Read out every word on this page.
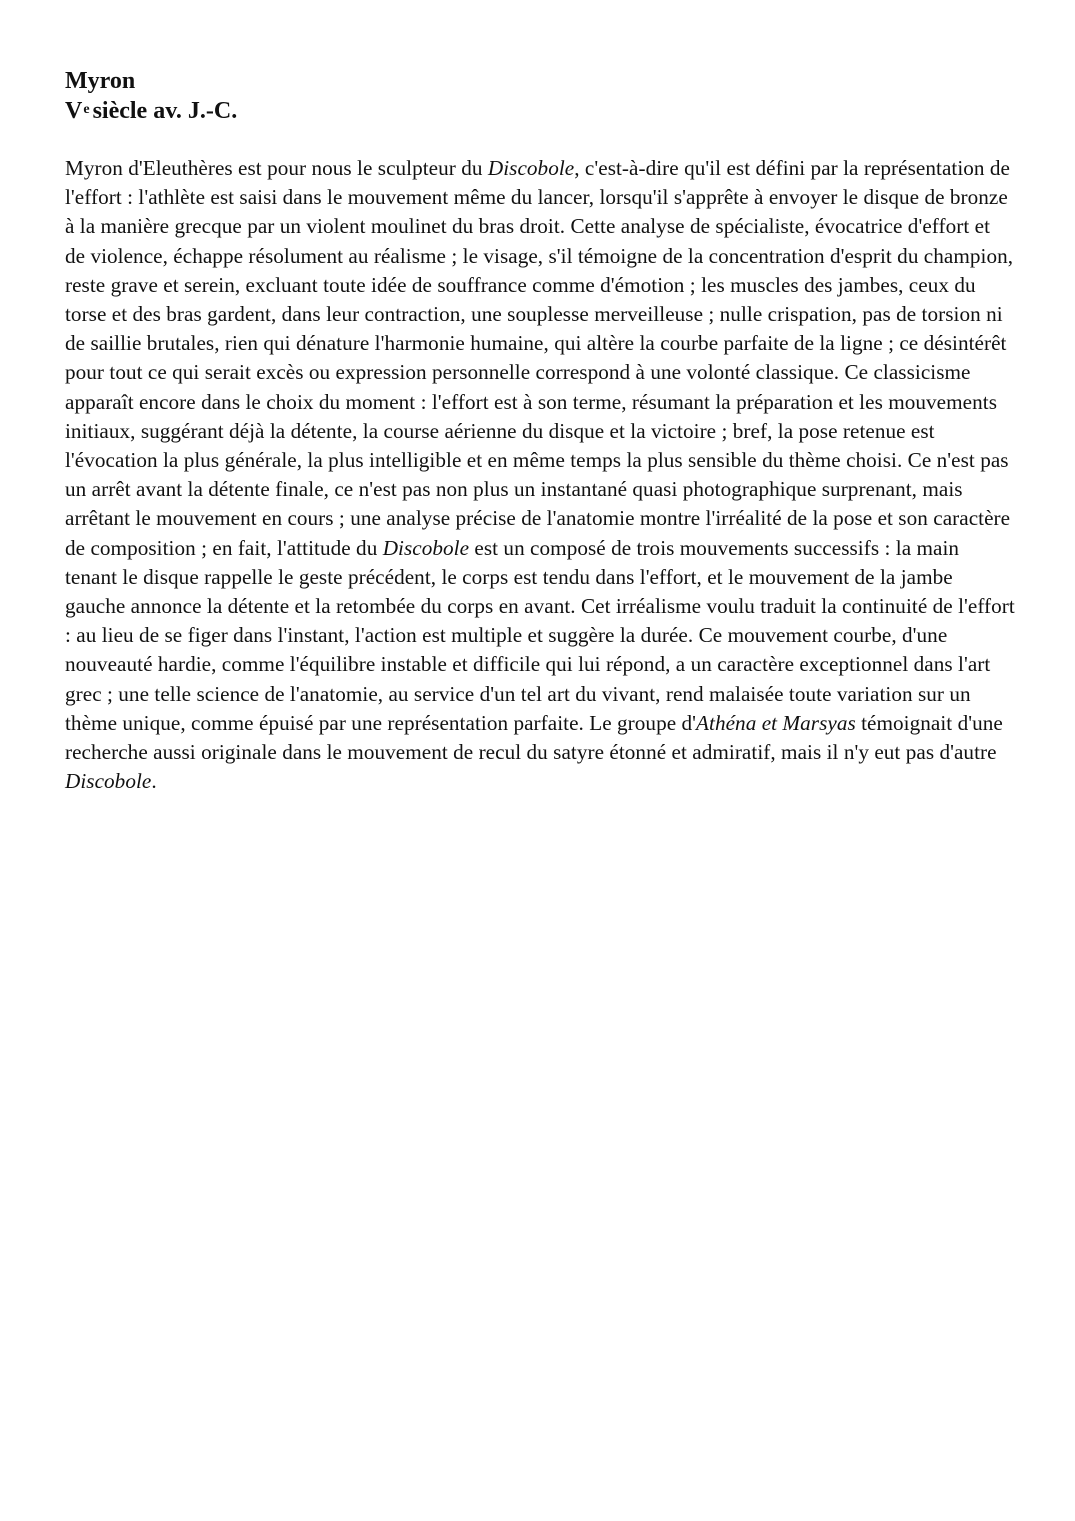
Myron
Ve siècle av. J.-C.

Myron d'Eleuthères est pour nous le sculpteur du Discobole, c'est-à-dire qu'il est défini par la représentation de l'effort : l'athlète est saisi dans le mouvement même du lancer, lorsqu'il s'apprête à envoyer le disque de bronze à la manière grecque par un violent moulinet du bras droit. Cette analyse de spécialiste, évocatrice d'effort et de violence, échappe résolument au réalisme ; le visage, s'il témoigne de la concentration d'esprit du champion, reste grave et serein, excluant toute idée de souffrance comme d'émotion ; les muscles des jambes, ceux du torse et des bras gardent, dans leur contraction, une souplesse merveilleuse ; nulle crispation, pas de torsion ni de saillie brutales, rien qui dénature l'harmonie humaine, qui altère la courbe parfaite de la ligne ; ce désintérêt pour tout ce qui serait excès ou expression personnelle correspond à une volonté classique. Ce classicisme apparaît encore dans le choix du moment : l'effort est à son terme, résumant la préparation et les mouvements initiaux, suggérant déjà la détente, la course aérienne du disque et la victoire ; bref, la pose retenue est l'évocation la plus générale, la plus intelligible et en même temps la plus sensible du thème choisi. Ce n'est pas un arrêt avant la détente finale, ce n'est pas non plus un instantané quasi photographique surprenant, mais arrêtant le mouvement en cours ; une analyse précise de l'anatomie montre l'irréalité de la pose et son caractère de composition ; en fait, l'attitude du Discobole est un composé de trois mouvements successifs : la main tenant le disque rappelle le geste précédent, le corps est tendu dans l'effort, et le mouvement de la jambe gauche annonce la détente et la retombée du corps en avant. Cet irréalisme voulu traduit la continuité de l'effort : au lieu de se figer dans l'instant, l'action est multiple et suggère la durée. Ce mouvement courbe, d'une nouveauté hardie, comme l'équilibre instable et difficile qui lui répond, a un caractère exceptionnel dans l'art grec ; une telle science de l'anatomie, au service d'un tel art du vivant, rend malaisée toute variation sur un thème unique, comme épuisé par une représentation parfaite. Le groupe d'Athéna et Marsyas témoignait d'une recherche aussi originale dans le mouvement de recul du satyre étonné et admiratif, mais il n'y eut pas d'autre Discobole.
